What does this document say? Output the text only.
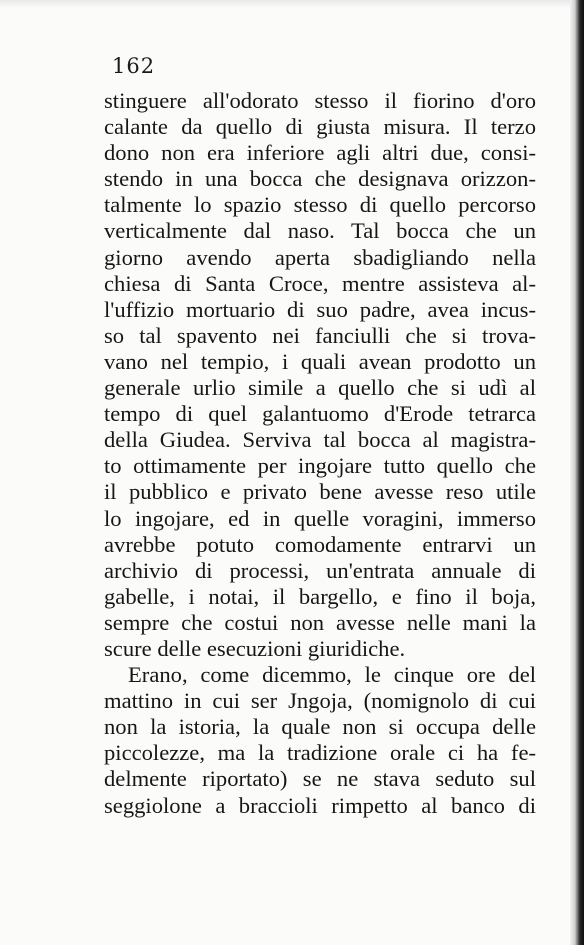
162
stinguere all'odorato stesso il fiorino d'oro
calante da quello di giusta misura. Il terzo
dono non era inferiore agli altri due, consi-
stendo in una bocca che designava orizzon-
talmente lo spazio stesso di quello percorso
verticalmente dal naso. Tal bocca che un
giorno avendo aperta sbadigliando nella
chiesa di Santa Croce, mentre assisteva al-
l'uffizio mortuario di suo padre, avea incus-
so tal spavento nei fanciulli che si trova-
vano nel tempio, i quali avean prodotto un
generale urlio simile a quello che si udì al
tempo di quel galantuomo d'Erode tetrarca
della Giudea. Serviva tal bocca al magistra-
to ottimamente per ingojare tutto quello che
il pubblico e privato bene avesse reso utile
lo ingojare, ed in quelle voragini, immerso
avrebbe potuto comodamente entrarvi un
archivio di processi, un'entrata annuale di
gabelle, i notai, il bargello, e fino il boja,
sempre che costui non avesse nelle mani la
scure delle esecuzioni giuridiche.
Erano, come dicemmo, le cinque ore del
mattino in cui ser Jngoja, (nomignolo di cui
non la istoria, la quale non si occupa delle
piccolezze, ma la tradizione orale ci ha fe-
delmente riportato) se ne stava seduto sul
seggiolone a braccioli rimpetto al banco di
